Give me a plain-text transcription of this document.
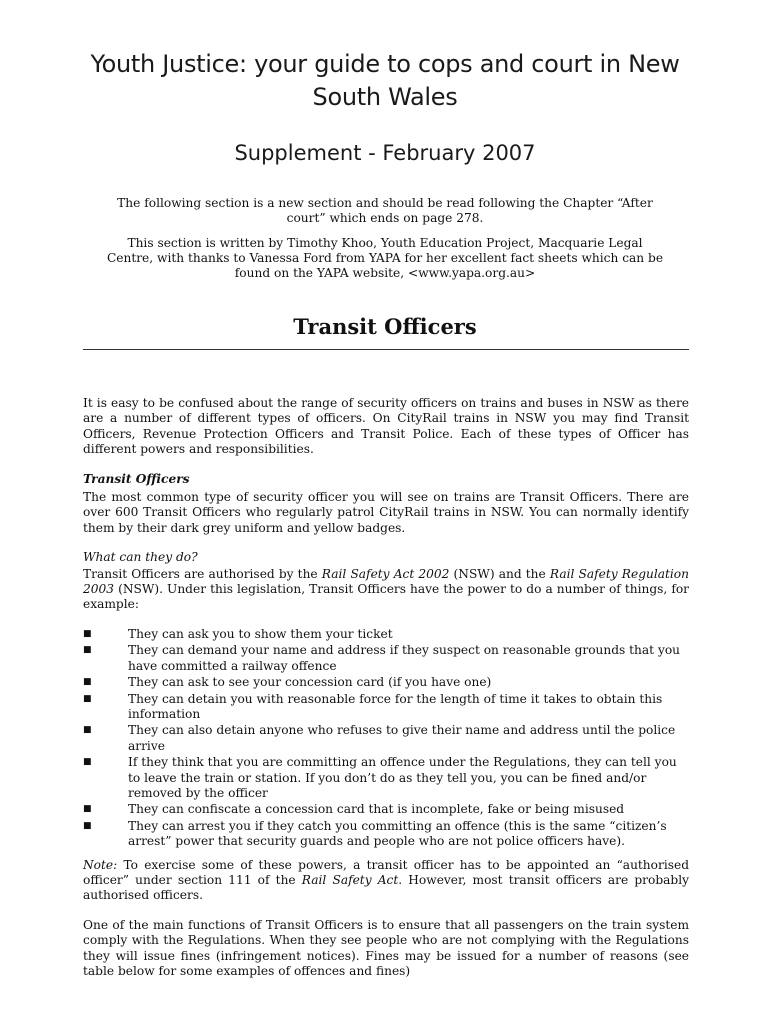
Youth Justice: your guide to cops and court in New South Wales
Supplement - February 2007

The following section is a new section and should be read following the Chapter “After court” which ends on page 278.

This section is written by Timothy Khoo, Youth Education Project, Macquarie Legal Centre, with thanks to Vanessa Ford from YAPA for her excellent fact sheets which can be found on the YAPA website, <www.yapa.org.au>

Transit Officers

It is easy to be confused about the range of security officers on trains and buses in NSW as there are a number of different types of officers. On CityRail trains in NSW you may find Transit Officers, Revenue Protection Officers and Transit Police. Each of these types of Officer has different powers and responsibilities.

Transit Officers

The most common type of security officer you will see on trains are Transit Officers. There are over 600 Transit Officers who regularly patrol CityRail trains in NSW. You can normally identify them by their dark grey uniform and yellow badges.

What can they do?

Transit Officers are authorised by the Rail Safety Act 2002 (NSW) and the Rail Safety Regulation 2003 (NSW). Under this legislation, Transit Officers have the power to do a number of things, for example:

■	They can ask you to show them your ticket
■	They can demand your name and address if they suspect on reasonable grounds that you have committed a railway offence
■	They can ask to see your concession card (if you have one)
■	They can detain you with reasonable force for the length of time it takes to obtain this information
■	They can also detain anyone who refuses to give their name and address until the police arrive
■	If they think that you are committing an offence under the Regulations, they can tell you to leave the train or station. If you don’t do as they tell you, you can be fined and/or removed by the officer
■	They can confiscate a concession card that is incomplete, fake or being misused
■	They can arrest you if they catch you committing an offence (this is the same “citizen’s arrest” power that security guards and people who are not police officers have).

Note: To exercise some of these powers, a transit officer has to be appointed an “authorised officer” under section 111 of the Rail Safety Act. However, most transit officers are probably authorised officers.

One of the main functions of Transit Officers is to ensure that all passengers on the train system comply with the Regulations. When they see people who are not complying with the Regulations they will issue fines (infringement notices). Fines may be issued for a number of reasons (see table below for some examples of offences and fines)
